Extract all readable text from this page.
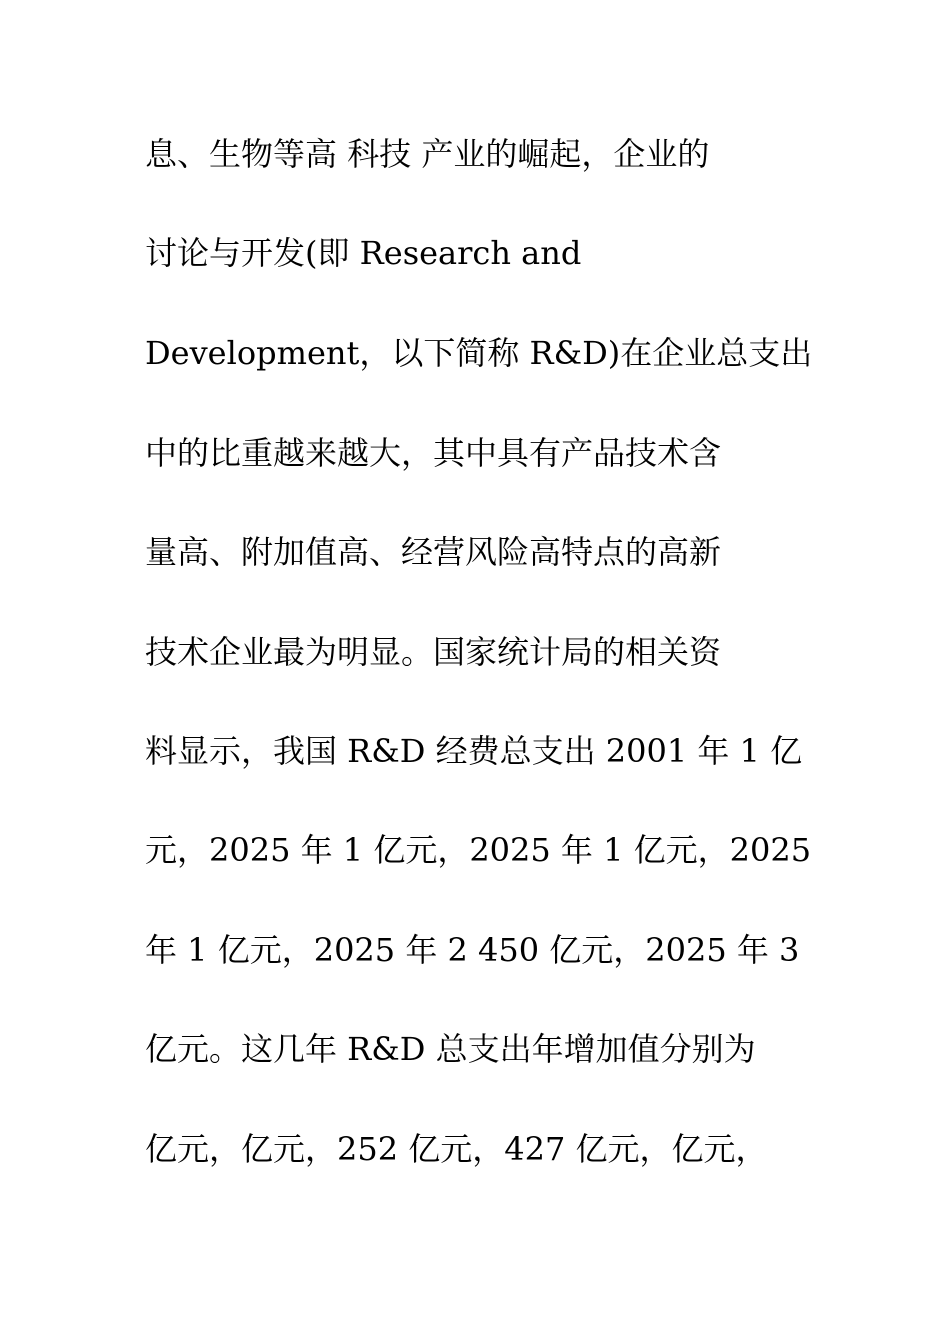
息、生物等高 科技 产业的崛起，企业的
讨论与开发(即 Research and
Development，以下简称 R&D)在企业总支出
中的比重越来越大，其中具有产品技术含
量高、附加值高、经营风险高特点的高新
技术企业最为明显。国家统计局的相关资
料显示，我国 R&D 经费总支出 2001 年 1 亿
元，2025 年 1 亿元，2025 年 1 亿元，2025
年 1 亿元，2025 年 2 450 亿元，2025 年 3
亿元。这几年 R&D 总支出年增加值分别为
亿元，亿元，252 亿元，427 亿元，亿元，
